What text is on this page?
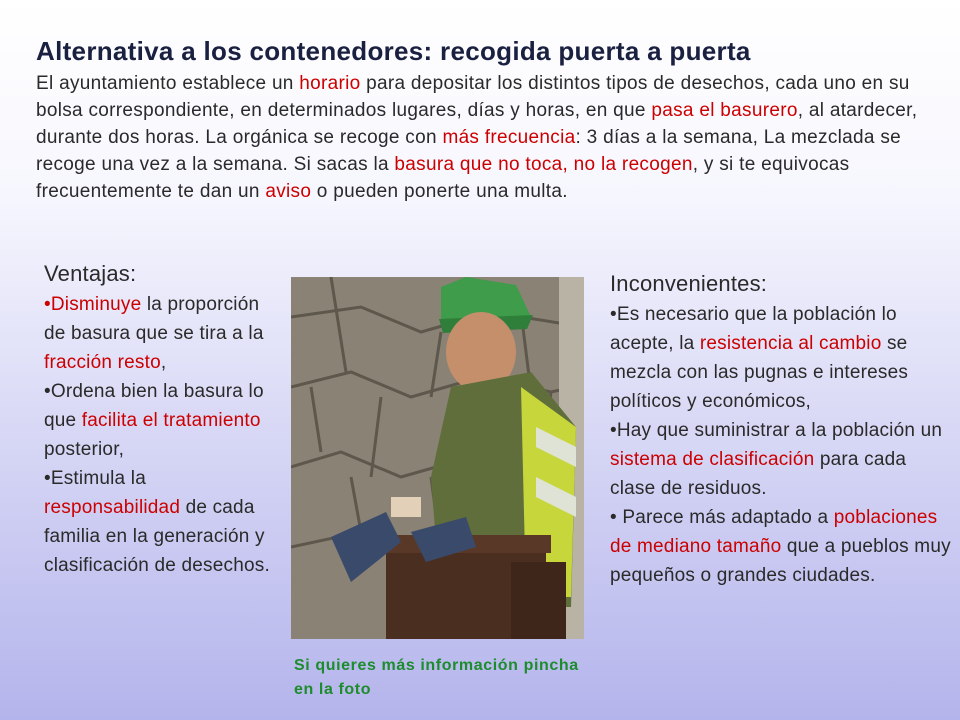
Alternativa a los contenedores: recogida puerta a puerta
El ayuntamiento establece un horario para depositar los distintos tipos de desechos, cada uno en su bolsa correspondiente, en determinados lugares, días y horas, en que pasa el basurero, al atardecer, durante dos horas. La orgánica se recoge con más frecuencia: 3 días a la semana, La mezclada se recoge una vez a la semana. Si sacas la basura que no toca, no la recogen, y si te equivocas frecuentemente te dan un aviso o pueden ponerte una multa.
Ventajas:
•Disminuye la proporción de basura que se tira a la fracción resto,
•Ordena bien la basura lo que facilita el tratamiento posterior,
•Estimula la responsabilidad de cada familia en la generación y clasificación de desechos.
Inconvenientes:
•Es necesario que la población lo acepte, la resistencia al cambio se mezcla con las pugnas e intereses políticos y económicos,
•Hay que suministrar a la población un sistema de clasificación para cada clase de residuos.
• Parece más adaptado a poblaciones de mediano tamaño que a pueblos muy pequeños o grandes ciudades.
Si quieres más información pincha en la foto
